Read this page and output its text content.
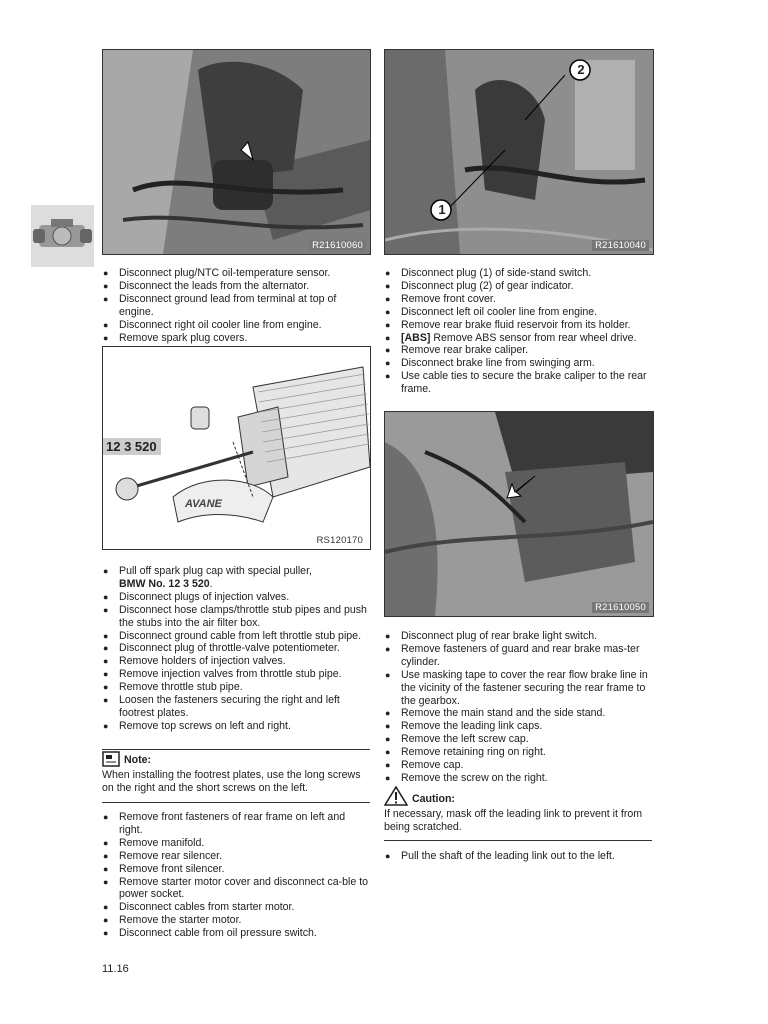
R21610060
1
2
R21610040
● Disconnect plug/NTC oil-temperature sensor.
● Disconnect the leads from the alternator.
● Disconnect ground lead from terminal at top of engine.
● Disconnect right oil cooler line from engine.
● Remove spark plug covers.
AVANE
12 3 520
RS120170
● Pull off spark plug cap with special puller,
BMW No. 12 3 520.
● Disconnect plugs of injection valves.
● Disconnect hose clamps/throttle stub pipes and push the stubs into the air filter box.
● Disconnect ground cable from left throttle stub pipe.
● Disconnect plug of throttle-valve potentiometer.
● Remove holders of injection valves.
● Remove injection valves from throttle stub pipe.
● Remove throttle stub pipe.
● Loosen the fasteners securing the right and left footrest plates.
● Remove top screws on left and right.
Note:
When installing the footrest plates, use the long screws on the right and the short screws on the left.
● Remove front fasteners of rear frame on left and right.
● Remove manifold.
● Remove rear silencer.
● Remove front silencer.
● Remove starter motor cover and disconnect ca-ble to power socket.
● Disconnect cables from starter motor.
● Remove the starter motor.
● Disconnect cable from oil pressure switch.
● Disconnect plug (1) of side-stand switch.
● Disconnect plug (2) of gear indicator.
● Remove front cover.
● Disconnect left oil cooler line from engine.
● Remove rear brake fluid reservoir from its holder.
● [ABS] Remove ABS sensor from rear wheel drive.
● Remove rear brake caliper.
● Disconnect brake line from swinging arm.
● Use cable ties to secure the brake caliper to the rear frame.
R21610050
● Disconnect plug of rear brake light switch.
● Remove fasteners of guard and rear brake mas-ter cylinder.
● Use masking tape to cover the rear flow brake line in the vicinity of the fastener securing the rear frame to the gearbox.
● Remove the main stand and the side stand.
● Remove the leading link caps.
● Remove the left screw cap.
● Remove retaining ring on right.
● Remove cap.
● Remove the screw on the right.
Caution:
If necessary, mask off the leading link to prevent it from being scratched.
● Pull the shaft of the leading link out to the left.
11.16
